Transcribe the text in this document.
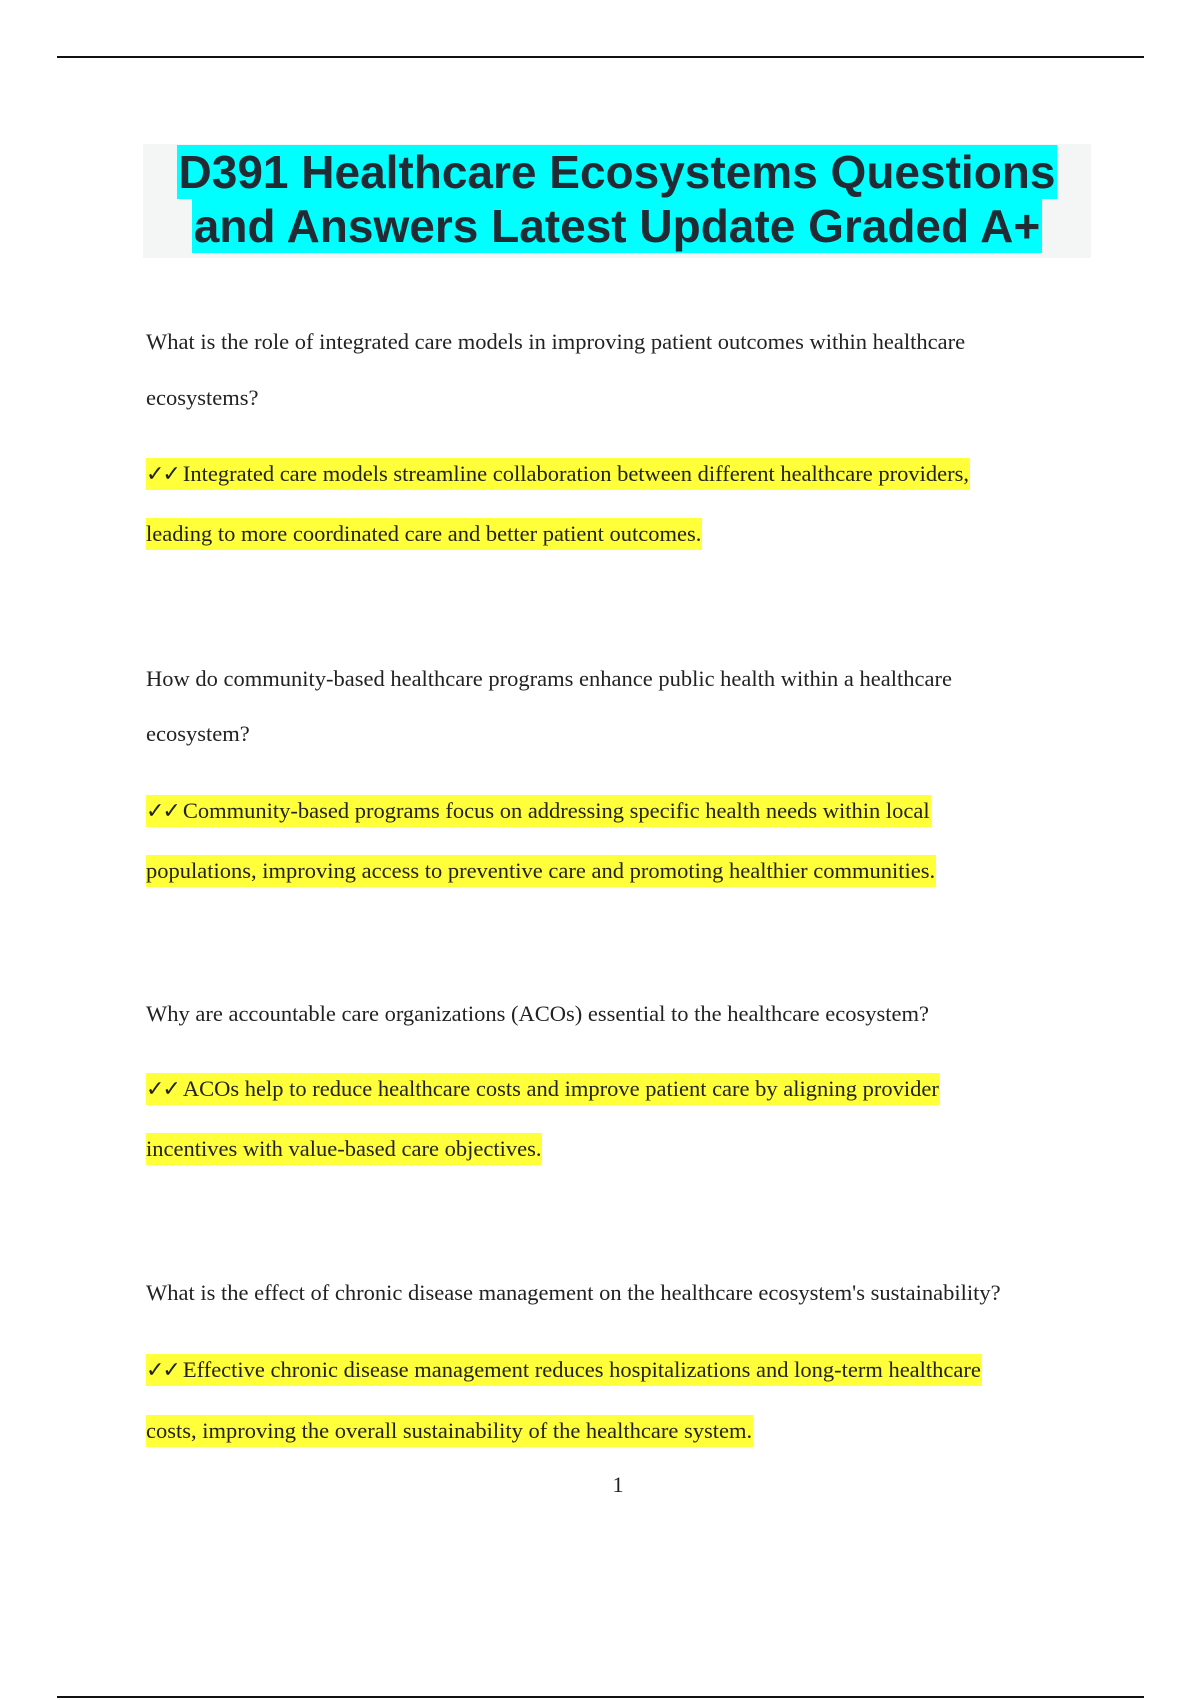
D391 Healthcare Ecosystems Questions
and Answers Latest Update Graded A+
What is the role of integrated care models in improving patient outcomes within healthcare
ecosystems?
✓✓ Integrated care models streamline collaboration between different healthcare providers,
leading to more coordinated care and better patient outcomes.
How do community-based healthcare programs enhance public health within a healthcare
ecosystem?
✓✓ Community-based programs focus on addressing specific health needs within local
populations, improving access to preventive care and promoting healthier communities.
Why are accountable care organizations (ACOs) essential to the healthcare ecosystem?
✓✓ ACOs help to reduce healthcare costs and improve patient care by aligning provider
incentives with value-based care objectives.
What is the effect of chronic disease management on the healthcare ecosystem's sustainability?
✓✓ Effective chronic disease management reduces hospitalizations and long-term healthcare
costs, improving the overall sustainability of the healthcare system.
1
